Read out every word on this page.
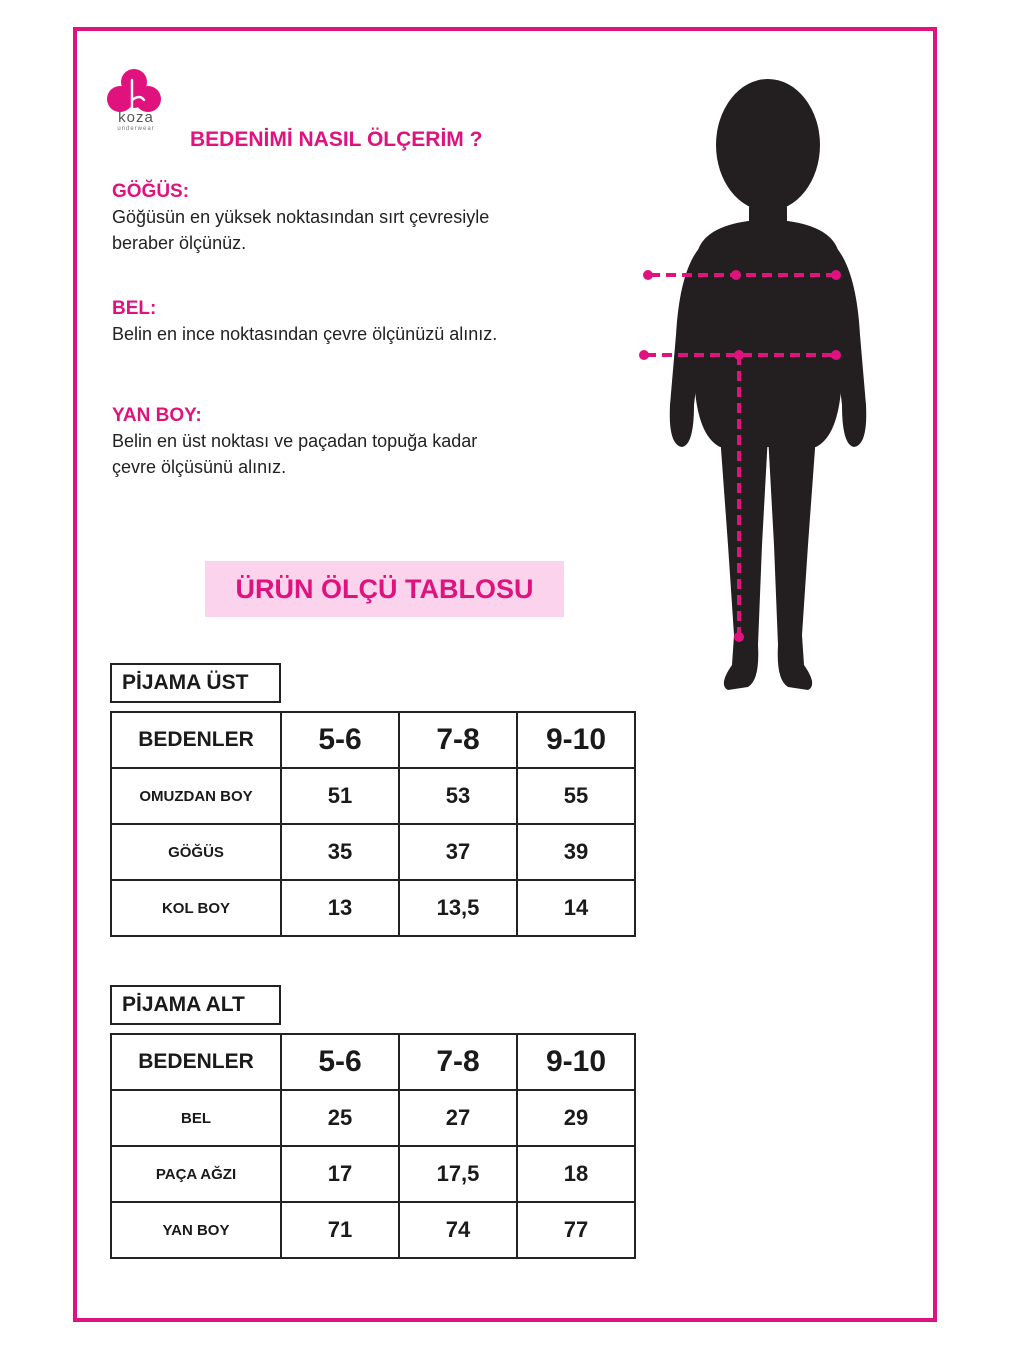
koza
underwear	BEDENİMİ NASIL ÖLÇERİM ?
GÖĞÜS:
Göğüsün en yüksek noktasından sırt çevresiyle
beraber ölçünüz.
BEL:
Belin en ince noktasından çevre ölçünüzü alınız.
YAN BOY:
Belin en üst noktası ve paçadan topuğa kadar
çevre ölçüsünü alınız.
ÜRÜN ÖLÇÜ TABLOSU
PİJAMA ÜST
BEDENLER	5-6	7-8	9-10
OMUZDAN BOY	51	53	55
GÖĞÜS	35	37	39
KOL BOY	13	13,5	14
PİJAMA ALT
BEDENLER	5-6	7-8	9-10
BEL	25	27	29
PAÇA AĞZI	17	17,5	18
YAN BOY	71	74	77
